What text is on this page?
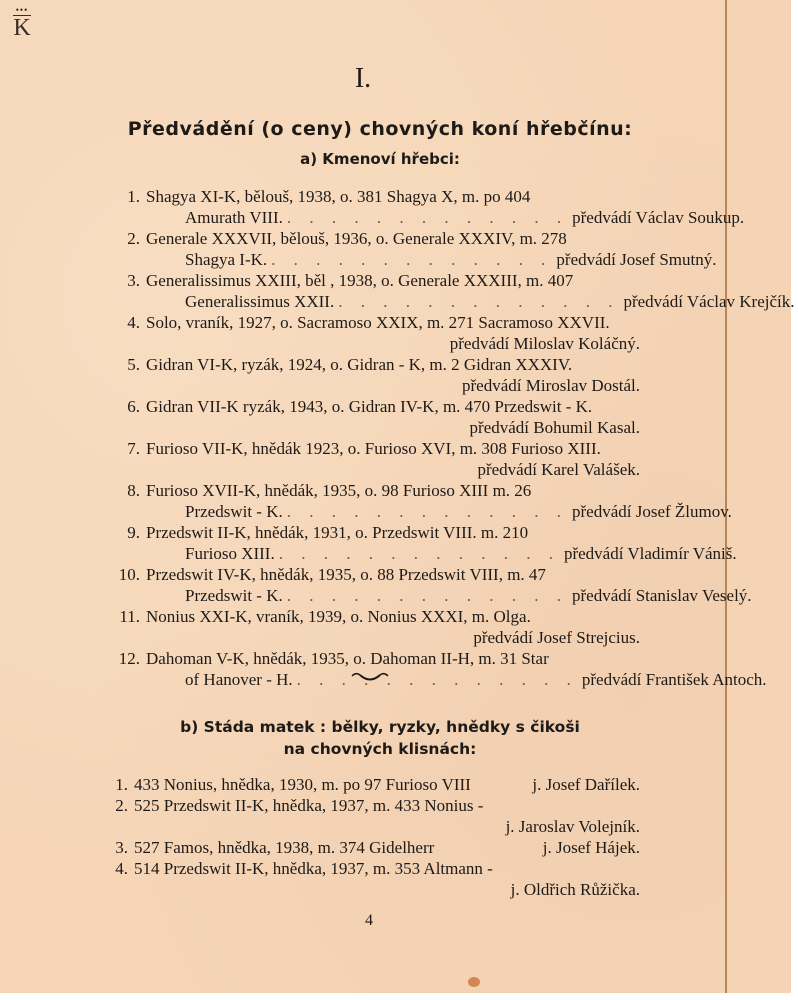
•••
K
I.
Předvádění (o ceny) chovných koní hřebčínu:
a) Kmenoví hřebci:
1. Shagya XI-K, bělouš, 1938, o. 381 Shagya X, m. po 404
Amurath VIII. . . . . . . . . . . . . . předvádí Václav Soukup.
2. Generale XXXVII, bělouš, 1936, o. Generale XXXIV, m. 278
Shagya I-K. . . . . . . . . . . . . . předvádí Josef Smutný.
3. Generalissimus XXIII, běl , 1938, o. Generale XXXIII, m. 407
Generalissimus XXII. . . . . . . . . . . . . . předvádí Václav Krejčík.
4. Solo, vraník, 1927, o. Sacramoso XXIX, m. 271 Sacramoso XXVII.
předvádí Miloslav Koláčný.
5. Gidran VI-K, ryzák, 1924, o. Gidran - K, m. 2 Gidran XXXIV.
předvádí Miroslav Dostál.
6. Gidran VII-K ryzák, 1943, o. Gidran IV-K, m. 470 Przedswit - K.
předvádí Bohumil Kasal.
7. Furioso VII-K, hnědák 1923, o. Furioso XVI, m. 308 Furioso XIII.
předvádí Karel Valášek.
8. Furioso XVII-K, hnědák, 1935, o. 98 Furioso XIII m. 26
Przedswit - K. . . . . . . . . . . . . . předvádí Josef Žlumov.
9. Przedswit II-K, hnědák, 1931, o. Przedswit VIII. m. 210
Furioso XIII. . . . . . . . . . . . . . předvádí Vladimír Vániš.
10. Przedswit IV-K, hnědák, 1935, o. 88 Przedswit VIII, m. 47
Przedswit - K. . . . . . . . . . . . . . předvádí Stanislav Veselý.
11. Nonius XXI-K, vraník, 1939, o. Nonius XXXI, m. Olga.
předvádí Josef Strejcius.
12. Dahoman V-K, hnědák, 1935, o. Dahoman II-H, m. 31 Star
of Hanover - H. . . . . . . . . . . . . . předvádí František Antoch.
b) Stáda matek : bělky, ryzky, hnědky s čikoši
na chovných klisnách:
1. 433 Nonius, hnědka, 1930, m. po 97 Furioso VIII	j. Josef Dařílek.
2. 525 Przedswit II-K, hnědka, 1937, m. 433 Nonius -
j. Jaroslav Volejník.
3. 527 Famos, hnědka, 1938, m. 374 Gidelherr	j. Josef Hájek.
4. 514 Przedswit II-K, hnědka, 1937, m. 353 Altmann -
j. Oldřich Růžička.
4
